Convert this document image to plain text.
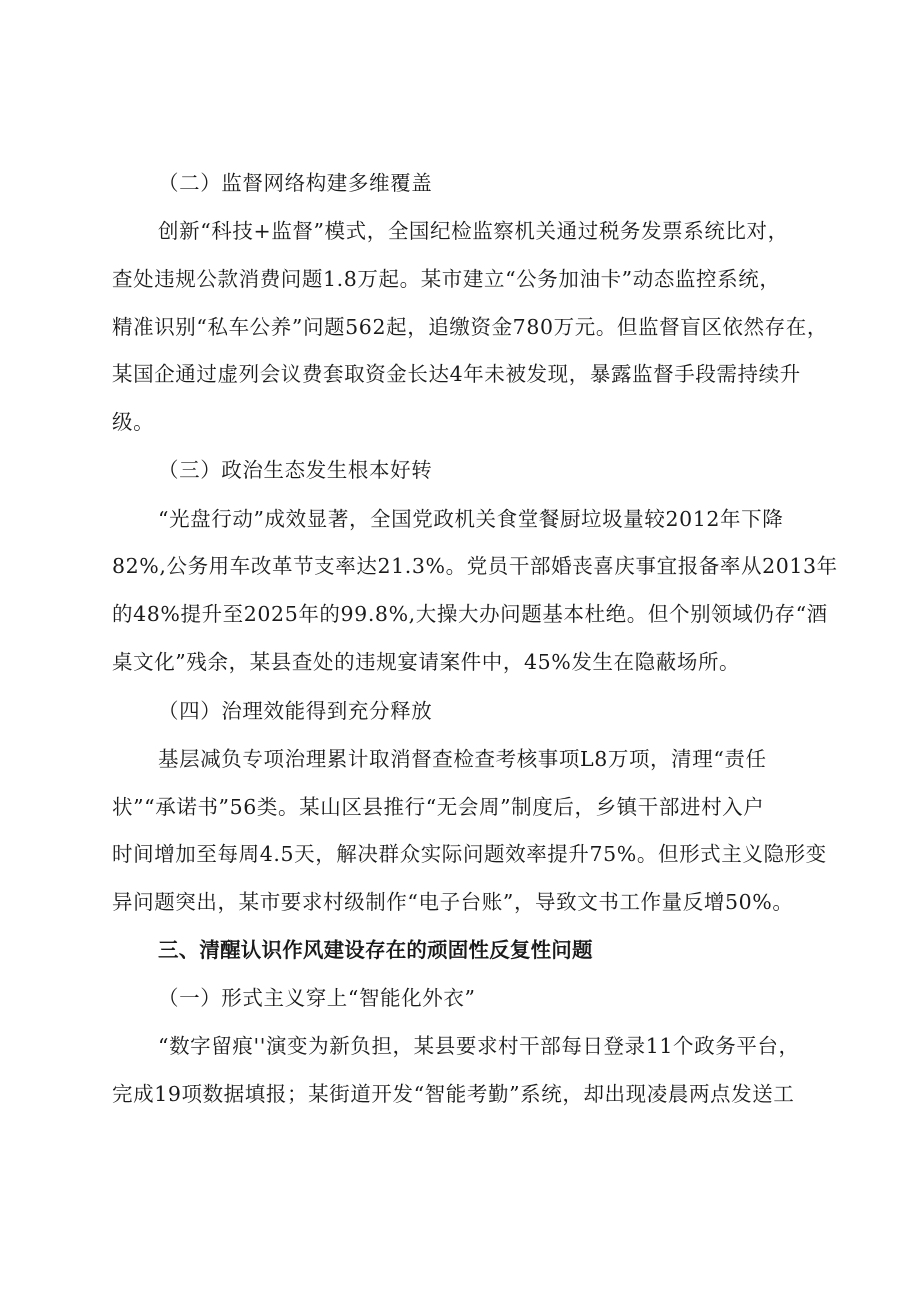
（二）监督网络构建多维覆盖
创新“科技+监督”模式，全国纪检监察机关通过税务发票系统比对，
查处违规公款消费问题1.8万起。某市建立“公务加油卡”动态监控系统，
精准识别“私车公养”问题562起，追缴资金780万元。但监督盲区依然存在，
某国企通过虚列会议费套取资金长达4年未被发现，暴露监督手段需持续升
级。
（三）政治生态发生根本好转
“光盘行动”成效显著，全国党政机关食堂餐厨垃圾量较2012年下降
82%,公务用车改革节支率达21.3%。党员干部婚丧喜庆事宜报备率从2013年
的48%提升至2025年的99.8%,大操大办问题基本杜绝。但个别领域仍存“酒
桌文化”残余，某县查处的违规宴请案件中，45%发生在隐蔽场所。
（四）治理效能得到充分释放
基层减负专项治理累计取消督查检查考核事项L8万项，清理“责任
状”“承诺书”56类。某山区县推行“无会周”制度后，乡镇干部进村入户
时间增加至每周4.5天，解决群众实际问题效率提升75%。但形式主义隐形变
异问题突出，某市要求村级制作“电子台账”，导致文书工作量反增50%。
三、清醒认识作风建设存在的顽固性反复性问题
（一）形式主义穿上“智能化外衣”
“数字留痕''演变为新负担，某县要求村干部每日登录11个政务平台，
完成19项数据填报；某街道开发“智能考勤”系统，却出现凌晨两点发送工
